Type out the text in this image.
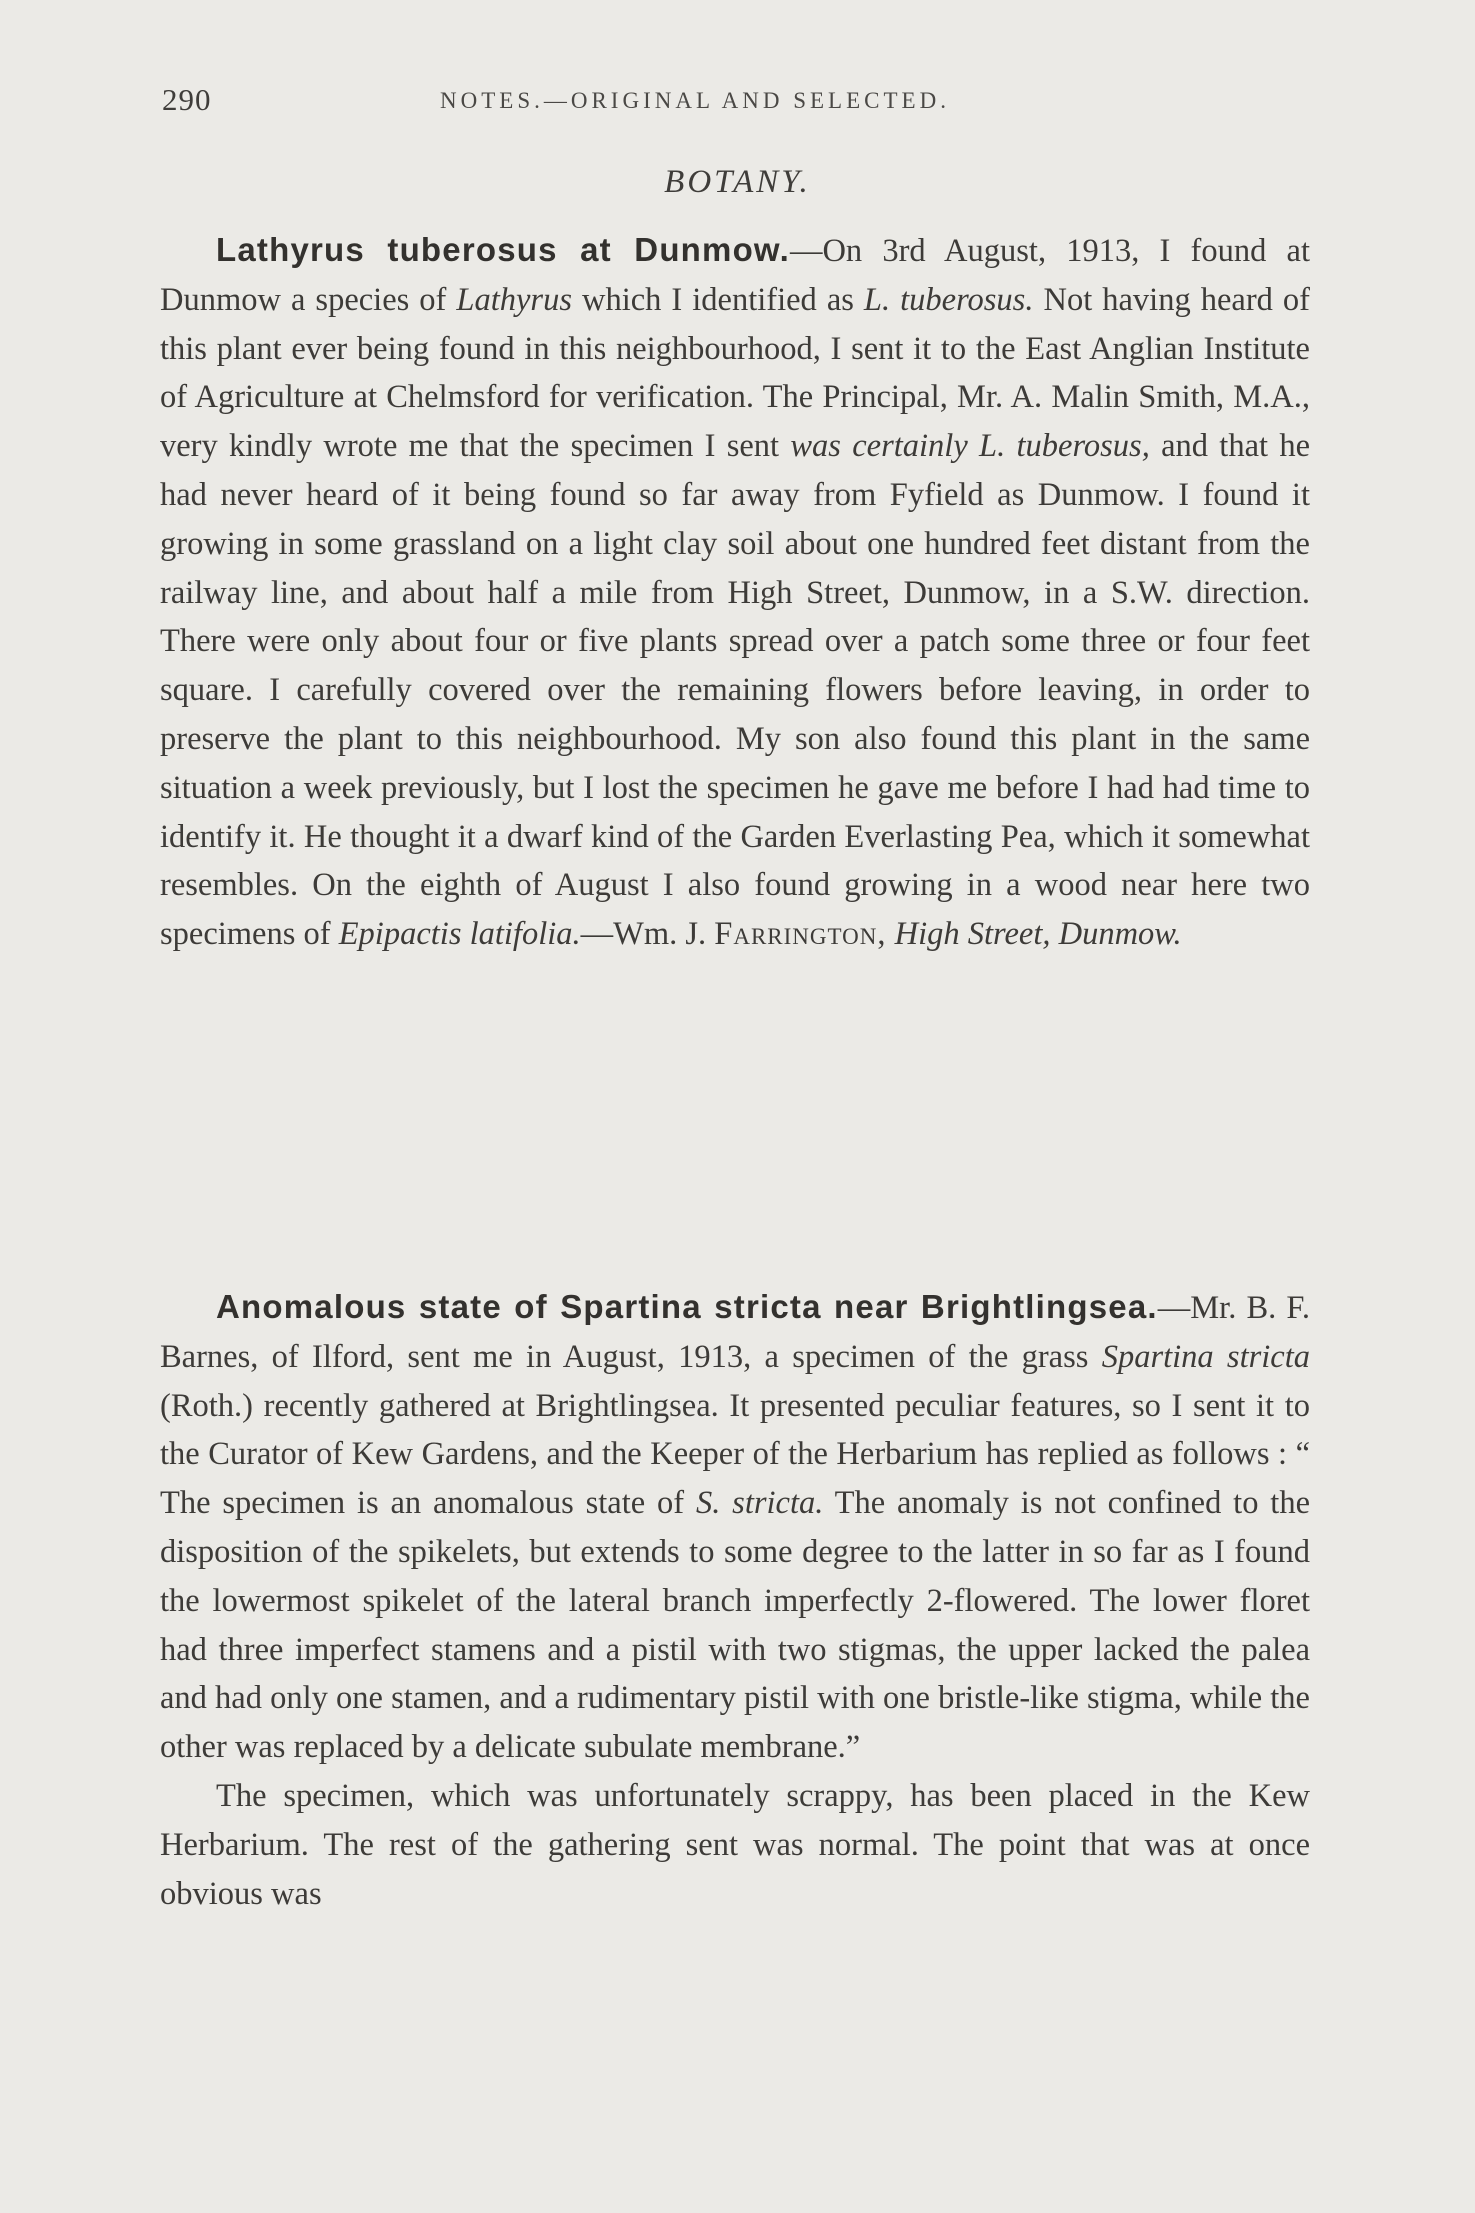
290	NOTES.—ORIGINAL AND SELECTED.
BOTANY.

Lathyrus tuberosus at Dunmow.—On 3rd August, 1913, I found at Dunmow a species of Lathyrus which I identified as L. tuberosus. Not having heard of this plant ever being found in this neighbourhood, I sent it to the East Anglian Institute of Agriculture at Chelmsford for verification. The Principal, Mr. A. Malin Smith, M.A., very kindly wrote me that the specimen I sent was certainly L. tuberosus, and that he had never heard of it being found so far away from Fyfield as Dunmow. I found it growing in some grassland on a light clay soil about one hundred feet distant from the railway line, and about half a mile from High Street, Dunmow, in a S.W. direction. There were only about four or five plants spread over a patch some three or four feet square. I carefully covered over the remaining flowers before leaving, in order to preserve the plant to this neighbourhood. My son also found this plant in the same situation a week previously, but I lost the specimen he gave me before I had had time to identify it. He thought it a dwarf kind of the Garden Everlasting Pea, which it somewhat resembles. On the eighth of August I also found growing in a wood near here two specimens of Epipactis latifolia.—Wm. J. Farrington, High Street, Dunmow.

Anomalous state of Spartina stricta near Brightlingsea.—Mr. B. F. Barnes, of Ilford, sent me in August, 1913, a specimen of the grass Spartina stricta (Roth.) recently gathered at Brightlingsea. It presented peculiar features, so I sent it to the Curator of Kew Gardens, and the Keeper of the Herbarium has replied as follows : “ The specimen is an anomalous state of S. stricta. The anomaly is not confined to the disposition of the spikelets, but extends to some degree to the latter in so far as I found the lowermost spikelet of the lateral branch imperfectly 2-flowered. The lower floret had three imperfect stamens and a pistil with two stigmas, the upper lacked the palea and had only one stamen, and a rudimentary pistil with one bristle-like stigma, while the other was replaced by a delicate subulate membrane.”

The specimen, which was unfortunately scrappy, has been placed in the Kew Herbarium. The rest of the gathering sent was normal. The point that was at once obvious was
